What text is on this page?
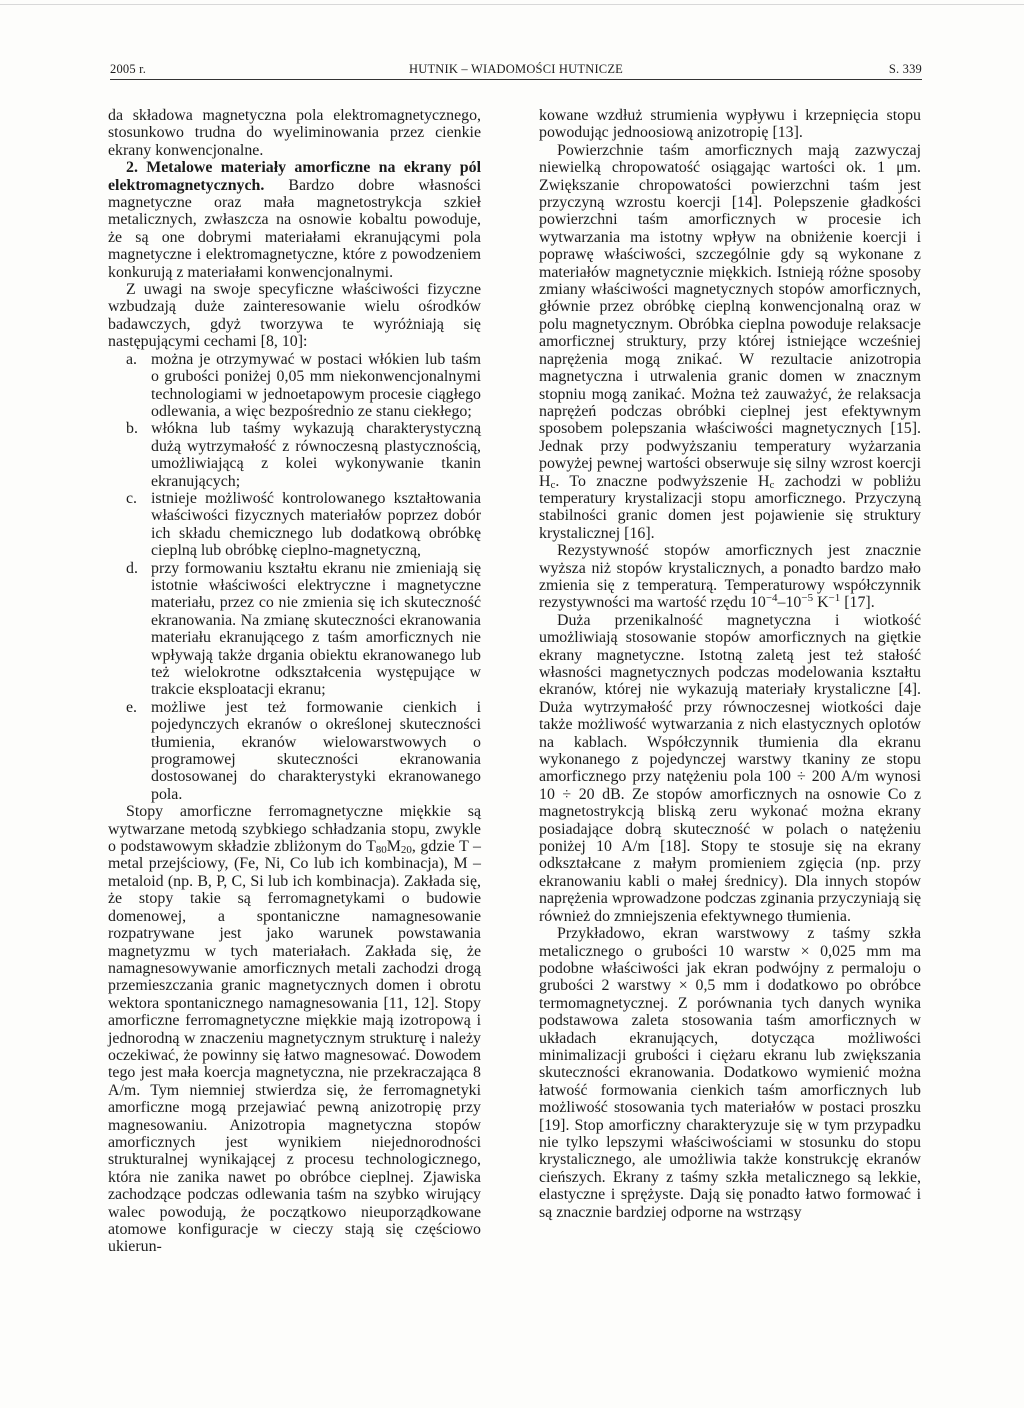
2005 r.	HUTNIK – WIADOMOŚCI HUTNICZE	S. 339

da składowa magnetyczna pola elektromagnetycznego, stosunkowo trudna do wyeliminowania przez cienkie ekrany konwencjonalne.

2. Metalowe materiały amorficzne na ekrany pól elektromagnetycznych. Bardzo dobre własności magnetyczne oraz mała magnetostrykcja szkieł metalicznych, zwłaszcza na osnowie kobaltu powoduje, że są one dobrymi materiałami ekranującymi pola magnetyczne i elektromagnetyczne, które z powodzeniem konkurują z materiałami konwencjonalnymi.

Z uwagi na swoje specyficzne właściwości fizyczne wzbudzają duże zainteresowanie wielu ośrodków badawczych, gdyż tworzywa te wyróżniają się następującymi cechami [8, 10]:

a. można je otrzymywać w postaci włókien lub taśm o grubości poniżej 0,05 mm niekonwencjonalnymi technologiami w jednoetapowym procesie ciągłego odlewania, a więc bezpośrednio ze stanu ciekłego;
b. włókna lub taśmy wykazują charakterystyczną dużą wytrzymałość z równoczesną plastycznością, umożliwiającą z kolei wykonywanie tkanin ekranujących;
c. istnieje możliwość kontrolowanego kształtowania właściwości fizycznych materiałów poprzez dobór ich składu chemicznego lub dodatkową obróbkę cieplną lub obróbkę cieplno-magnetyczną,
d. przy formowaniu kształtu ekranu nie zmieniają się istotnie właściwości elektryczne i magnetyczne materiału, przez co nie zmienia się ich skuteczność ekranowania. Na zmianę skuteczności ekranowania materiału ekranującego z taśm amorficznych nie wpływają także drgania obiektu ekranowanego lub też wielokrotne odkształcenia występujące w trakcie eksploatacji ekranu;
e. możliwe jest też formowanie cienkich i pojedynczych ekranów o określonej skuteczności tłumienia, ekranów wielowarstwowych o programowej skuteczności ekranowania dostosowanej do charakterystyki ekranowanego pola.

Stopy amorficzne ferromagnetyczne miękkie są wytwarzane metodą szybkiego schładzania stopu, zwykle o podstawowym składzie zbliżonym do $T_{80}M_{20}$, gdzie T – metal przejściowy, (Fe, Ni, Co lub ich kombinacja), M – metaloid (np. B, P, C, Si lub ich kombinacja). Zakłada się, że stopy takie są ferromagnetykami o budowie domenowej, a spontaniczne namagnesowanie rozpatrywane jest jako warunek powstawania magnetyzmu w tych materiałach. Zakłada się, że namagnesowywanie amorficznych metali zachodzi drogą przemieszczania granic magnetycznych domen i obrotu wektora spontanicznego namagnesowania [11, 12]. Stopy amorficzne ferromagnetyczne miękkie mają izotropową i jednorodną w znaczeniu magnetycznym strukturę i należy oczekiwać, że powinny się łatwo magnesować. Dowodem tego jest mała koercja magnetyczna, nie przekraczająca 8 A/m. Tym niemniej stwierdza się, że ferromagnetyki amorficzne mogą przejawiać pewną anizotropię przy magnesowaniu. Anizotropia magnetyczna stopów amorficznych jest wynikiem niejednorodności strukturalnej wynikającej z procesu technologicznego, która nie zanika nawet po obróbce cieplnej. Zjawiska zachodzące podczas odlewania taśm na szybko wirujący walec powodują, że początkowo nieuporządkowane atomowe konfiguracje w cieczy stają się częściowo ukierun-

kowane wzdłuż strumienia wypływu i krzepnięcia stopu powodując jednoosiową anizotropię [13].

Powierzchnie taśm amorficznych mają zazwyczaj niewielką chropowatość osiągając wartości ok. 1 μm. Zwiększanie chropowatości powierzchni taśm jest przyczyną wzrostu koercji [14]. Polepszenie gładkości powierzchni taśm amorficznych w procesie ich wytwarzania ma istotny wpływ na obniżenie koercji i poprawę właściwości, szczególnie gdy są wykonane z materiałów magnetycznie miękkich. Istnieją różne sposoby zmiany właściwości magnetycznych stopów amorficznych, głównie przez obróbkę cieplną konwencjonalną oraz w polu magnetycznym. Obróbka cieplna powoduje relaksacje amorficznej struktury, przy której istniejące wcześniej naprężenia mogą znikać. W rezultacie anizotropia magnetyczna i utrwalenia granic domen w znacznym stopniu mogą zanikać. Można też zauważyć, że relaksacja naprężeń podczas obróbki cieplnej jest efektywnym sposobem polepszania właściwości magnetycznych [15]. Jednak przy podwyższaniu temperatury wyżarzania powyżej pewnej wartości obserwuje się silny wzrost koercji $H_c$. To znaczne podwyższenie $H_c$ zachodzi w pobliżu temperatury krystalizacji stopu amorficznego. Przyczyną stabilności granic domen jest pojawienie się struktury krystalicznej [16].

Rezystywność stopów amorficznych jest znacznie wyższa niż stopów krystalicznych, a ponadto bardzo mało zmienia się z temperaturą. Temperaturowy współczynnik rezystywności ma wartość rzędu $10^{-4}-10^{-5}$ $K^{-1}$ [17].

Duża przenikalność magnetyczna i wiotkość umożliwiają stosowanie stopów amorficznych na giętkie ekrany magnetyczne. Istotną zaletą jest też stałość własności magnetycznych podczas modelowania kształtu ekranów, której nie wykazują materiały krystaliczne [4]. Duża wytrzymałość przy równoczesnej wiotkości daje także możliwość wytwarzania z nich elastycznych oplotów na kablach. Współczynnik tłumienia dla ekranu wykonanego z pojedynczej warstwy tkaniny ze stopu amorficznego przy natężeniu pola 100 ÷ 200 A/m wynosi 10 ÷ 20 dB. Ze stopów amorficznych na osnowie Co z magnetostrykcją bliską zeru wykonać można ekrany posiadające dobrą skuteczność w polach o natężeniu poniżej 10 A/m [18]. Stopy te stosuje się na ekrany odkształcane z małym promieniem zgięcia (np. przy ekranowaniu kabli o małej średnicy). Dla innych stopów naprężenia wprowadzone podczas zginania przyczyniają się również do zmniejszenia efektywnego tłumienia.

Przykładowo, ekran warstwowy z taśmy szkła metalicznego o grubości 10 warstw × 0,025 mm ma podobne właściwości jak ekran podwójny z permaloju o grubości 2 warstwy × 0,5 mm i dodatkowo po obróbce termomagnetycznej. Z porównania tych danych wynika podstawowa zaleta stosowania taśm amorficznych w układach ekranujących, dotycząca możliwości minimalizacji grubości i ciężaru ekranu lub zwiększania skuteczności ekranowania. Dodatkowo wymienić można łatwość formowania cienkich taśm amorficznych lub możliwość stosowania tych materiałów w postaci proszku [19]. Stop amorficzny charakteryzuje się w tym przypadku nie tylko lepszymi właściwościami w stosunku do stopu krystalicznego, ale umożliwia także konstrukcję ekranów cieńszych. Ekrany z taśmy szkła metalicznego są lekkie, elastyczne i sprężyste. Dają się ponadto łatwo formować i są znacznie bardziej odporne na wstrząsy
